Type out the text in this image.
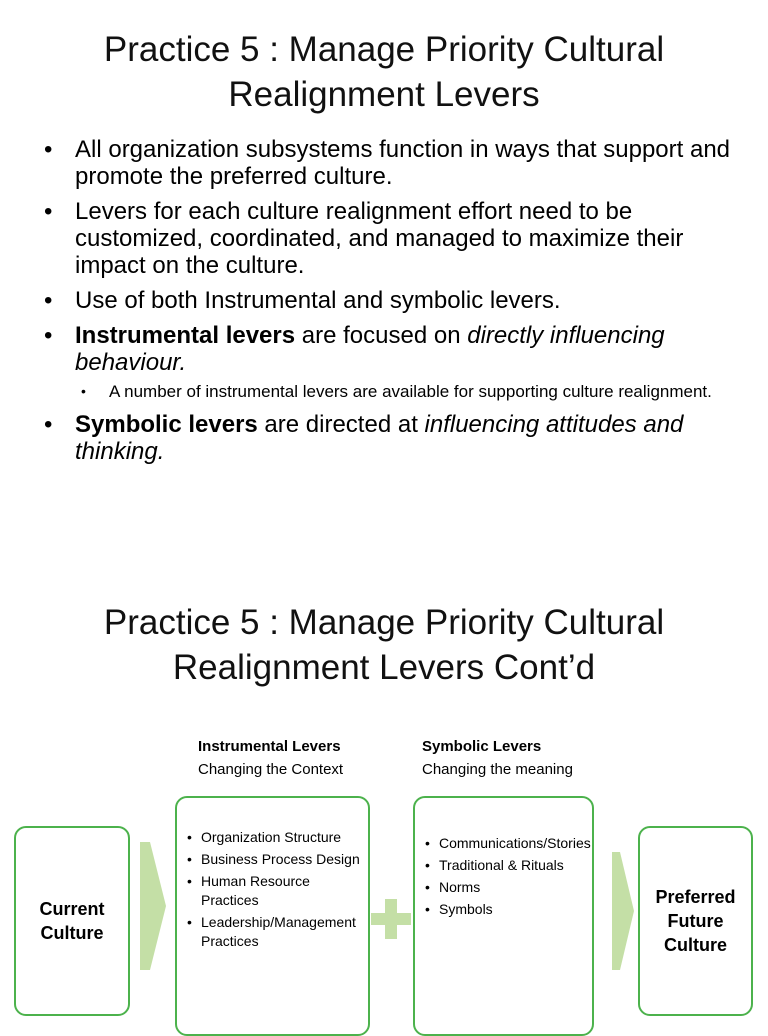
Practice 5 : Manage Priority Cultural
Realignment Levers
• All organization subsystems function in ways that support and promote the preferred culture.
• Levers for each culture realignment effort need to be customized, coordinated, and managed to maximize their impact on the culture.
• Use of both Instrumental and symbolic levers.
• Instrumental levers are focused on directly influencing behaviour.
• A number of instrumental levers are available for supporting culture realignment.
• Symbolic levers are directed at influencing attitudes and thinking.
Practice 5 : Manage Priority Cultural
Realignment Levers Cont’d
Instrumental Levers
Changing the Context
Symbolic Levers
Changing the meaning
Current
Culture
• Organization Structure
• Business Process Design
• Human Resource Practices
• Leadership/Management Practices
• Communications/Stories
• Traditional & Rituals
• Norms
• Symbols
Preferred
Future
Culture
